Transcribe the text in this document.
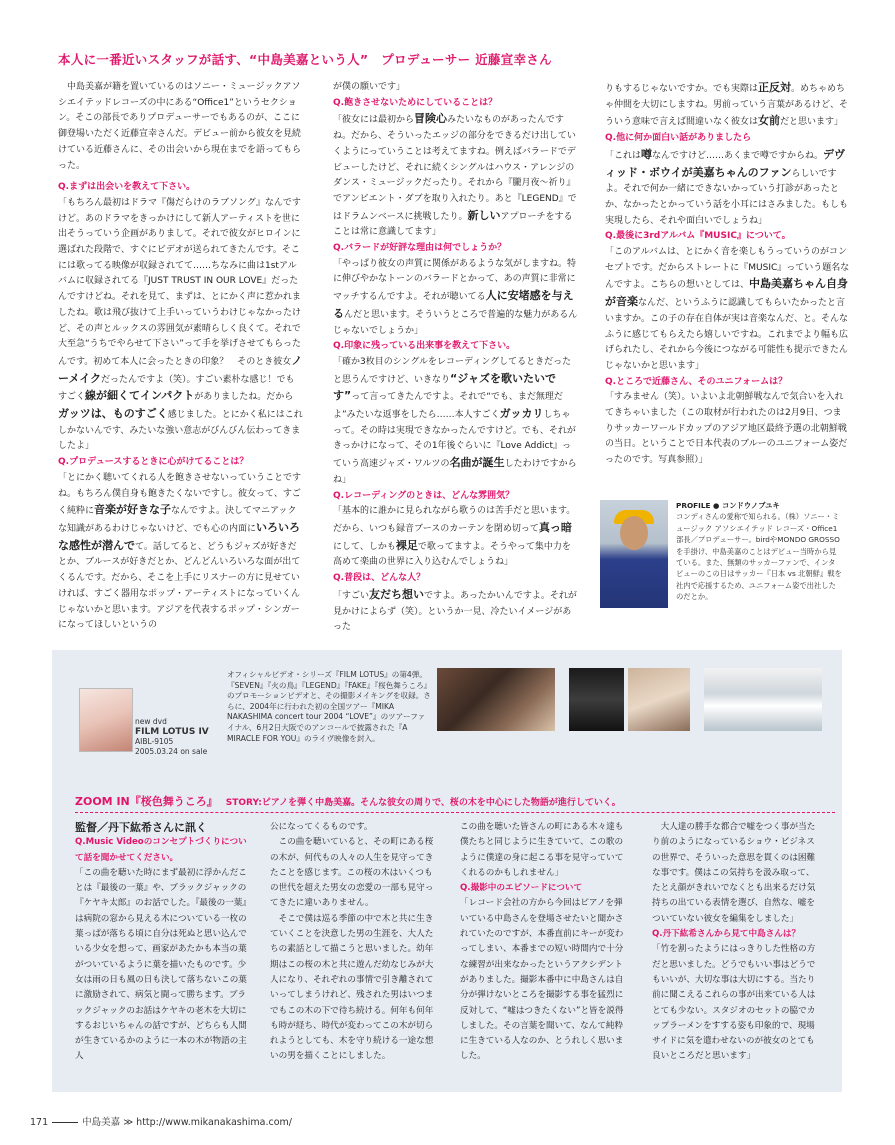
本人に一番近いスタッフが話す、“中島美嘉という人”　プロデューサー 近藤宣幸さん

中島美嘉が籍を置いているのはソニー・ミュージックアソシエイテッドレコーズの中にある“Office1”というセクション。そこの部長でありプロデューサーでもあるのが、ここに御登場いただく近藤宣幸さんだ。デビュー前から彼女を見続けている近藤さんに、その出会いから現在までを語ってもらった。

Q.まずは出会いを教えて下さい。

「もちろん最初はドラマ『傷だらけのラブソング』なんですけど。あのドラマをきっかけにして新人アーティストを世に出そうっていう企画がありまして。それで彼女がヒロインに選ばれた段階で、すぐにビデオが送られてきたんです。そこには歌ってる映像が収録されてて……ちなみに曲は1stアルバムに収録されてる『JUST TRUST IN OUR LOVE』だったんですけどね。それを見て、まずは、とにかく声に惹かれましたね。歌は飛び抜けて上手いっていうわけじゃなかったけど、その声とルックスの雰囲気が素晴らしく良くて。それで大至急“うちでやらせて下さい”って手を挙げさせてもらったんです。初めて本人に会ったときの印象？　そのとき彼女ノーメイクだったんですよ（笑）。すごい素朴な感じ！でもすごく線が細くてインパクトがありましたね。だからガッツは、ものすごく感じました。とにかく私にはこれしかないんです、みたいな強い意志がびんびん伝わってきましたよ」

Q.プロデュースするときに心がけてることは？

「とにかく聴いてくれる人を飽きさせないっていうことですね。もちろん僕自身も飽きたくないですし。彼女って、すごく純粋に音楽が好きな子なんですよ。決してマニアックな知識があるわけじゃないけど、でも心の内面にいろいろな感性が潜んでて。話してると、どうもジャズが好きだとか、ブルースが好きだとか、どんどんいろいろな面が出てくるんです。だから、そこを上手にリスナーの方に見せていければ、すごく器用なポップ・アーティストになっていくんじゃないかと思います。アジアを代表するポップ・シンガーになってほしいというの

が僕の願いです」

Q.飽きさせないためにしていることは？

「彼女には最初から冒険心みたいなものがあったんですね。だから、そういったエッジの部分をできるだけ出していくようにっていうことは考えてますね。例えばバラードでデビューしたけど、それに続くシングルはハウス・アレンジのダンス・ミュージックだったり。それから『朧月夜～祈り』でアンビエント・ダブを取り入れたり。あと『LEGEND』ではドラムンベースに挑戦したり。新しいアプローチをすることは常に意識してます」

Q.バラードが好評な理由は何でしょうか？

「やっぱり彼女の声質に関係があるような気がしますね。特に伸びやかなトーンのバラードとかって、あの声質に非常にマッチするんですよ。それが聴いてる人に安堵感を与えるんだと思います。そういうところで普遍的な魅力があるんじゃないでしょうか」

Q.印象に残っている出来事を教えて下さい。

「確か3枚目のシングルをレコーディングしてるときだったと思うんですけど、いきなり“ジャズを歌いたいです”って言ってきたんですよ。それで“でも、まだ無理だよ”みたいな返事をしたら……本人すごくガッカリしちゃって。その時は実現できなかったんですけど。でも、それがきっかけになって、その1年後ぐらいに『Love Addict』っていう高速ジャズ・ワルツの名曲が誕生したわけですからね」

Q.レコーディングのときは、どんな雰囲気？

「基本的に誰かに見られながら歌うのは苦手だと思います。だから、いつも録音ブースのカーテンを閉め切って真っ暗にして、しかも裸足で歌ってますよ。そうやって集中力を高めて楽曲の世界に入り込むんでしょうね」

Q.普段は、どんな人？

「すごい友だち想いですよ。あったかいんですよ。それが見かけによらず（笑）。というか一見、冷たいイメージがあった

りもするじゃないですか。でも実際は正反対。めちゃめちゃ仲間を大切にしますね。男前っていう言葉があるけど、そういう意味で言えば間違いなく彼女は女前だと思います」

Q.他に何か面白い話がありましたら

「これは噂なんですけど……あくまで噂ですからね。デヴィッド・ボウイが美嘉ちゃんのファンらしいですよ。それで何か一緒にできないかっていう打診があったとか、なかったとかっていう話を小耳にはさみました。もしも実現したら、それや面白いでしょうね」

Q.最後に3rdアルバム『MUSIC』について。

「このアルバムは、とにかく音を楽しもうっていうのがコンセプトです。だからストレートに『MUSIC』っていう題名なんですよ。こちらの想いとしては、中島美嘉ちゃん自身が音楽なんだ、というふうに認識してもらいたかったと言いますか。この子の存在自体が実は音楽なんだ、と。そんなふうに感じてもらえたら嬉しいですね。これまでより幅も広げられたし、それから今後につながる可能性も提示できたんじゃないかと思います」

Q.ところで近藤さん、そのユニフォームは？

「すみません（笑）。いよいよ北朝鮮戦なんで気合いを入れてきちゃいました（この取材が行われたのは2月9日、つまりサッカーワールドカップのアジア地区最終予選の北朝鮮戦の当日。ということで日本代表のブルーのユニフォーム姿だったのです。写真参照）」

PROFILE ● コンドウノブユキ
コンディさんの愛称で知られる。（株）ソニー・ミュージック アソシエイテッド レコーズ・Office1部長／プロデューサー。birdやMONDO GROSSOを手掛け、中島美嘉のことはデビュー当時から見ている。また、無類のサッカーファンで、インタビューのこの日はサッカー『日本 vs 北朝鮮』戦を社内で応援するため、ユニフォーム姿で出社したのだとか。
new dvd
FILM LOTUS IV
AIBL-9105
2005.03.24 on sale
オフィシャルビデオ・シリーズ『FILM LOTUS』の第4弾。『SEVEN』『火の鳥』『LEGEND』『FAKE』『桜色舞うころ』のプロモーションビデオと、その撮影メイキングを収録。さらに、2004年に行われた初の全国ツアー『MIKA NAKASHIMA concert tour 2004 “LOVE”』のツアーファイナル、6月2日大阪でのアンコールで披露された『A MIRACLE FOR YOU』のライヴ映像を封入。
ZOOM IN『桜色舞うころ』 STORY:ピアノを弾く中島美嘉。そんな彼女の周りで、桜の木を中心にした物語が進行していく。

監督／丹下紘希さんに訊く

Q.Music Videoのコンセプトづくりについて話を聞かせてください。

「この曲を聴いた時にまず最初に浮かんだことは『最後の一葉』や、ブラックジャックの『ケヤキ太郎』のお話でした。『最後の一葉』は病院の窓から見える木についている一枚の葉っぱが落ちる頃に自分は死ぬと思い込んでいる少女を想って、画家があたかも本当の葉がついているように葉を描いたものです。少女は雨の日も風の日も決して落ちないこの葉に激励されて、病気と闘って勝ちます。ブラックジャックのお話はケヤキの老木を大切にするおじいちゃんの話ですが、どちらも人間が生きているかのように一本の木が物語の主人

公になってくるものです。

この曲を聴いていると、その町にある桜の木が、何代もの人々の人生を見守ってきたことを感じます。この桜の木はいくつもの世代を超えた男女の恋愛の一部も見守ってきたに違いありません。

そこで僕は巡る季節の中で木と共に生きていくことを決意した男の生涯を、大人たちの素話として描こうと思いました。幼年期はこの桜の木と共に遊んだ幼なじみが大人になり、それぞれの事情で引き離されていってしまうけれど、残された男はいつまでもこの木の下で待ち続ける。何年も何年も時が経ち、時代が変わってこの木が切られようとしても、木を守り続ける一途な想いの男を描くことにしました。

この曲を聴いた皆さんの町にある木々達も僕たちと同じように生きていて、この歌のように僕達の身に起こる事を見守っていてくれるのかもしれません」

Q.撮影中のエピソードについて

「レコード会社の方から今回はピアノを弾いている中島さんを登場させたいと聞かされていたのですが、本番直前にキーが変わってしまい、本番までの短い時間内で十分な練習が出来なかったというアクシデントがありました。撮影本番中に中島さんは自分が弾けないところを撮影する事を猛烈に反対して、“嘘はつきたくない”と皆を説得しました。その言葉を聞いて、なんて純粋に生きている人なのか、とうれしく思いました。

大人達の勝手な都合で嘘をつく事が当たり前のようになっているショウ・ビジネスの世界で、そういった意思を貫くのは困難な事です。僕はこの気持ちを汲み取って、たとえ顔がきれいでなくとも出来るだけ気持ちの出ている表情を選び、自然な、嘘をついていない彼女を編集をしました」

Q.丹下紘希さんから見て中島さんは？

「竹を割ったようにはっきりした性格の方だと思いました。どうでもいい事はどうでもいいが、大切な事は大切にする。当たり前に聞こえるこれらの事が出来ている人はとても少ない。スタジオのセットの脇でカップラーメンをすする姿も印象的で、現場サイドに気を遣わせないのが彼女のとても良いところだと思います」

171	中島美嘉 ≫ http://www.mikanakashima.com/
